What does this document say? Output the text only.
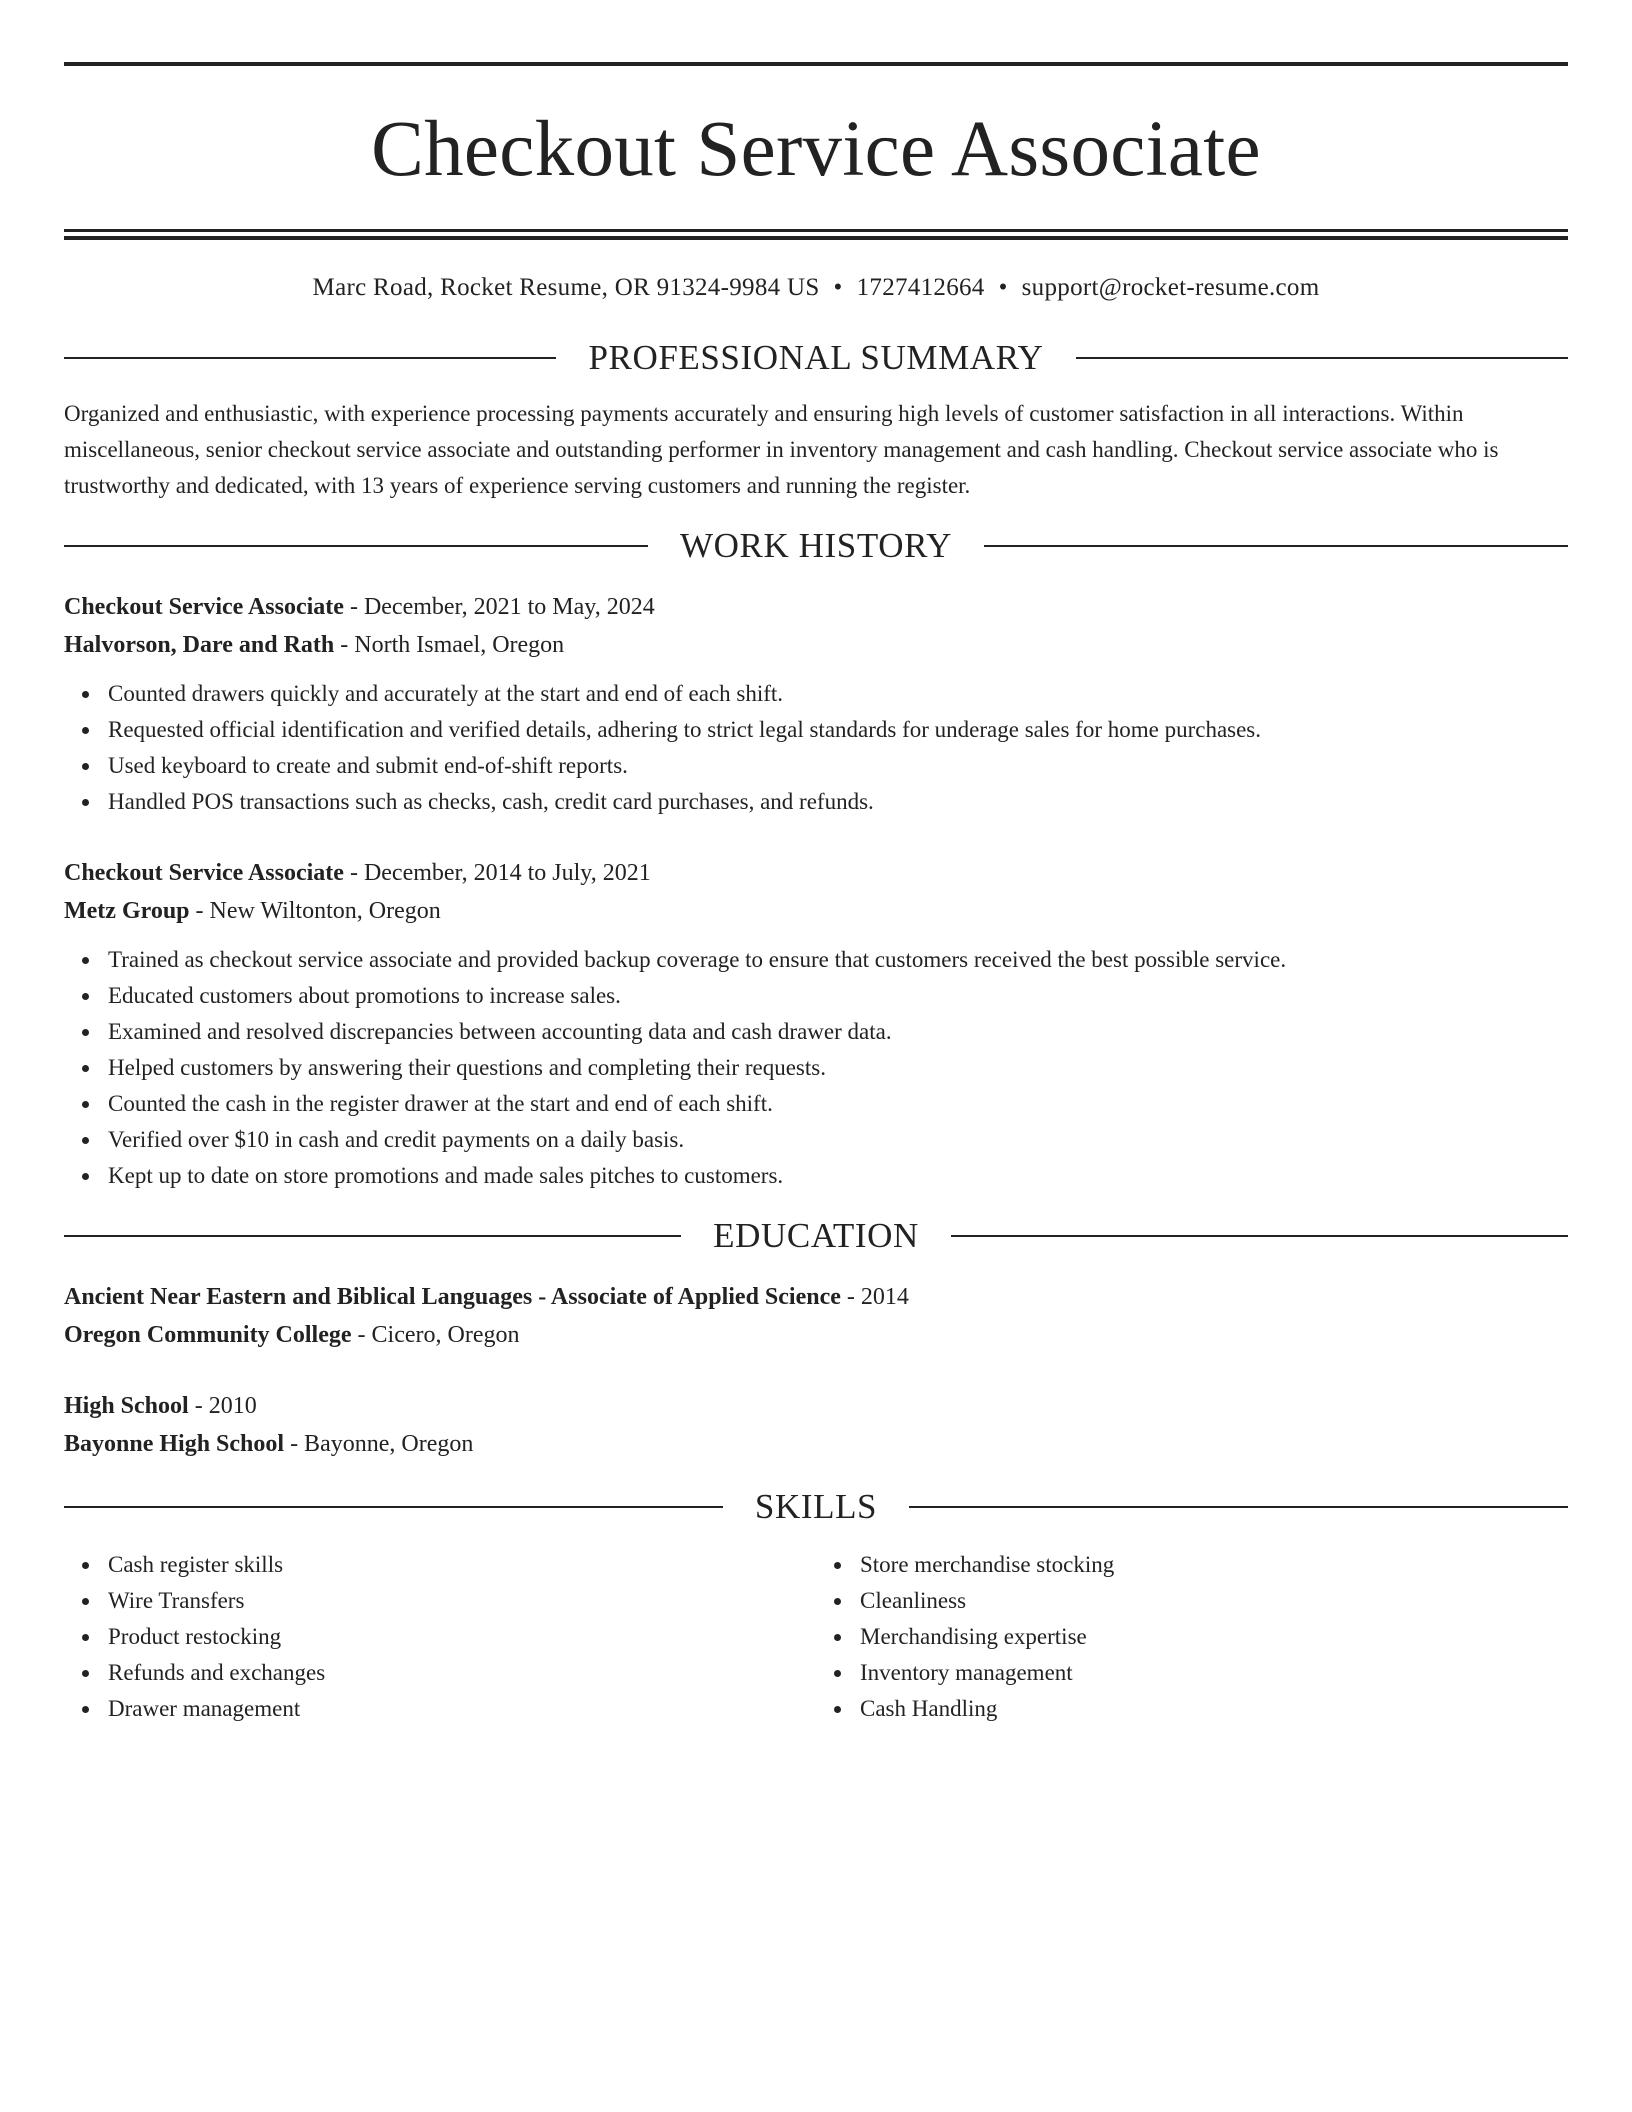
Checkout Service Associate
Marc Road, Rocket Resume, OR 91324-9984 US • 1727412664 • support@rocket-resume.com
PROFESSIONAL SUMMARY
Organized and enthusiastic, with experience processing payments accurately and ensuring high levels of customer satisfaction in all interactions. Within miscellaneous, senior checkout service associate and outstanding performer in inventory management and cash handling. Checkout service associate who is trustworthy and dedicated, with 13 years of experience serving customers and running the register.
WORK HISTORY
Checkout Service Associate - December, 2021 to May, 2024
Halvorson, Dare and Rath - North Ismael, Oregon
Counted drawers quickly and accurately at the start and end of each shift.
Requested official identification and verified details, adhering to strict legal standards for underage sales for home purchases.
Used keyboard to create and submit end-of-shift reports.
Handled POS transactions such as checks, cash, credit card purchases, and refunds.
Checkout Service Associate - December, 2014 to July, 2021
Metz Group - New Wiltonton, Oregon
Trained as checkout service associate and provided backup coverage to ensure that customers received the best possible service.
Educated customers about promotions to increase sales.
Examined and resolved discrepancies between accounting data and cash drawer data.
Helped customers by answering their questions and completing their requests.
Counted the cash in the register drawer at the start and end of each shift.
Verified over $10 in cash and credit payments on a daily basis.
Kept up to date on store promotions and made sales pitches to customers.
EDUCATION
Ancient Near Eastern and Biblical Languages - Associate of Applied Science - 2014
Oregon Community College - Cicero, Oregon
High School - 2010
Bayonne High School - Bayonne, Oregon
SKILLS
Cash register skills
Wire Transfers
Product restocking
Refunds and exchanges
Drawer management
Store merchandise stocking
Cleanliness
Merchandising expertise
Inventory management
Cash Handling
